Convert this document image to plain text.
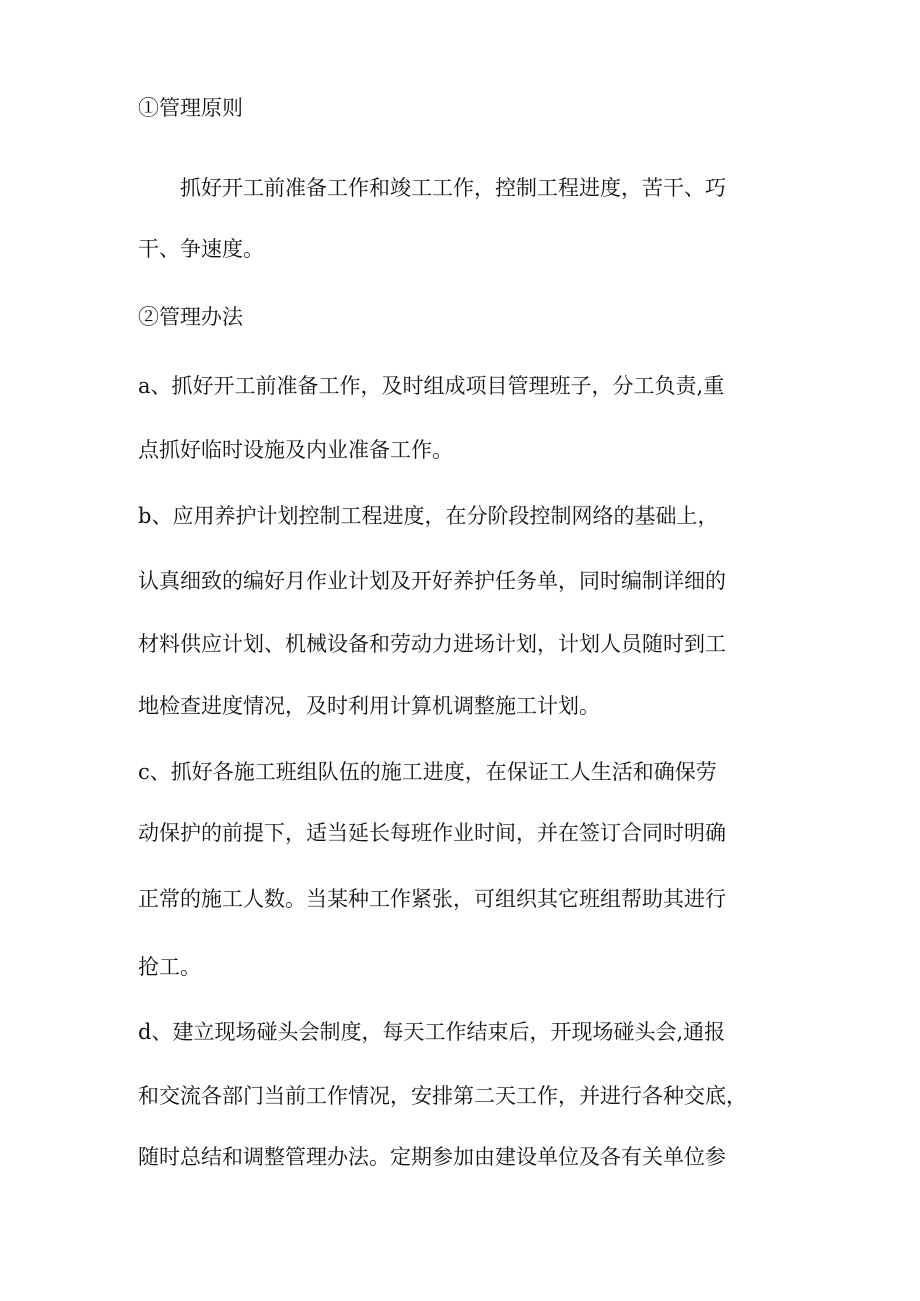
①管理原则
抓好开工前准备工作和竣工工作，控制工程进度，苦干、巧
干、争速度。
②管理办法
a、抓好开工前准备工作，及时组成项目管理班子，分工负责,重
点抓好临时设施及内业准备工作。
b、应用养护计划控制工程进度，在分阶段控制网络的基础上，
认真细致的编好月作业计划及开好养护任务单，同时编制详细的
材料供应计划、机械设备和劳动力进场计划，计划人员随时到工
地检查进度情况，及时利用计算机调整施工计划。
c、抓好各施工班组队伍的施工进度，在保证工人生活和确保劳
动保护的前提下，适当延长每班作业时间，并在签订合同时明确
正常的施工人数。当某种工作紧张，可组织其它班组帮助其进行
抢工。
d、建立现场碰头会制度，每天工作结束后，开现场碰头会,通报
和交流各部门当前工作情况，安排第二天工作，并进行各种交底，
随时总结和调整管理办法。定期参加由建设单位及各有关单位参
